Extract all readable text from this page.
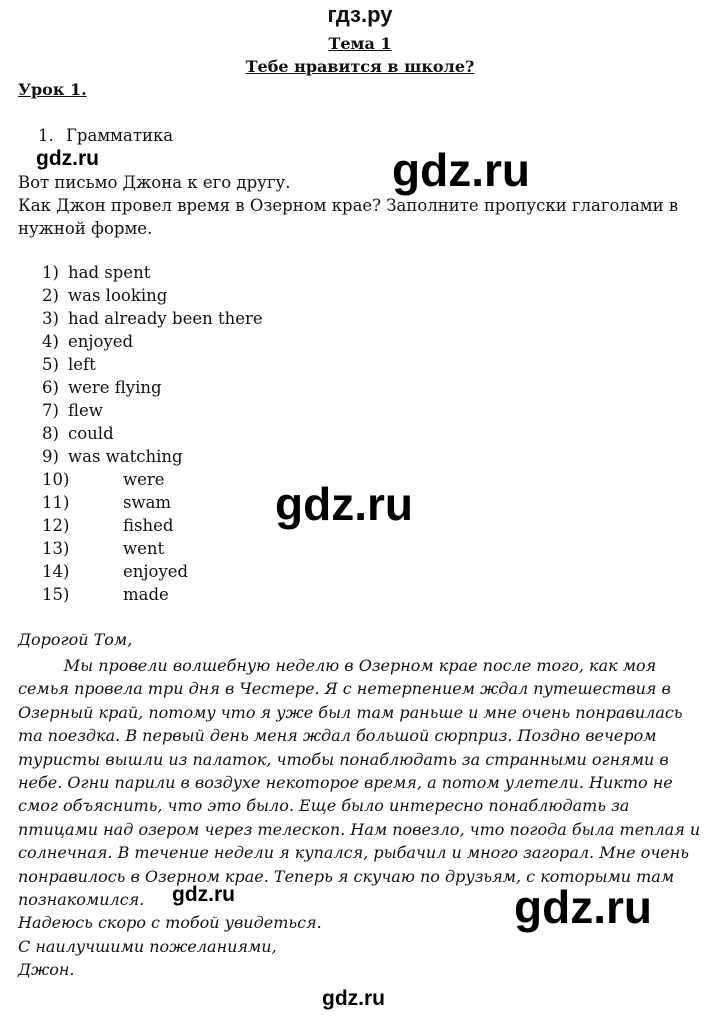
гдз.ру
Тема 1
Тебе нравится в школе?
Урок 1.
1. Грамматика
Вот письмо Джона к его другу.
Как Джон провел время в Озерном крае? Заполните пропуски глаголами в
нужной форме.
1) had spent
2) was looking
3) had already been there
4) enjoyed
5) left
6) were flying
7) flew
8) could
9) was watching
10)	were
11)	swam
12)	fished
13)	went
14)	enjoyed
15)	made
Дорогой Том,
Мы провели волшебную неделю в Озерном крае после того, как моя
семья провела три дня в Честере. Я с нетерпением ждал путешествия в
Озерный край, потому что я уже был там раньше и мне очень понравилась
та поездка. В первый день меня ждал большой сюрприз. Поздно вечером
туристы вышли из палаток, чтобы понаблюдать за странными огнями в
небе. Огни парили в воздухе некоторое время, а потом улетели. Никто не
смог объяснить, что это было. Еще было интересно понаблюдать за
птицами над озером через телескоп. Нам повезло, что погода была теплая и
солнечная. В течение недели я купался, рыбачил и много загорал. Мне очень
понравилось в Озерном крае. Теперь я скучаю по друзьям, с которыми там
познакомился.
Надеюсь скоро с тобой увидеться.
С наилучшими пожеланиями,
Джон.
gdz.ru	gdz.ru
gdz.ru
gdz.ru	gdz.ru
gdz.ru
